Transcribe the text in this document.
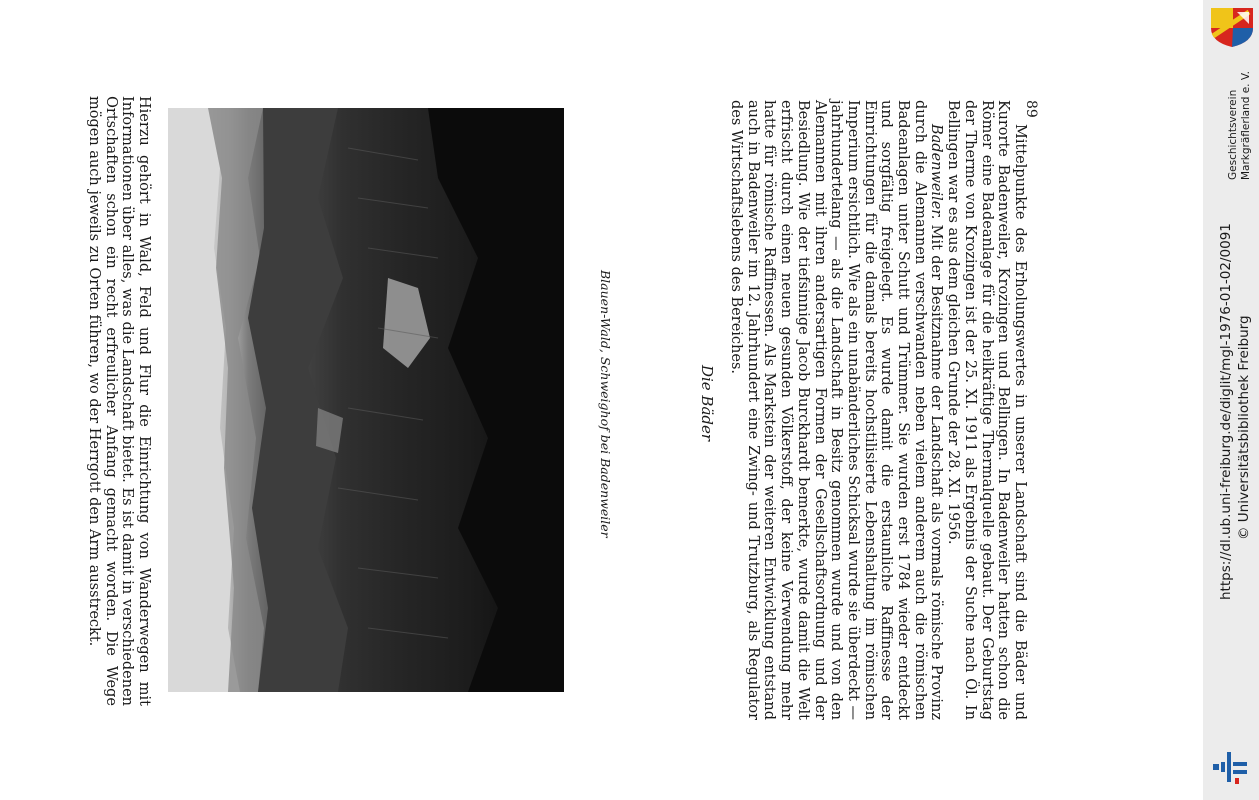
Hierzu gehört in Wald, Feld und Flur die Einrichtung von Wanderwegen mit Informationen über alles, was die Landschaft bietet. Es ist damit in verschiedenen Ortschaften schon ein recht erfreulicher Anfang gemacht worden. Die Wege mögen auch jeweils zu Orten führen, wo der Herrgott den Arm ausstreckt.	Blauen-Wald, Schweighof bei Badenweiler	Die Bäder	Mittelpunkte des Erholungswertes in unserer Landschaft sind die Bäder und Kurorte Badenweiler, Krozingen und Bellingen. In Badenweiler hatten schon die Römer eine Badeanlage für die heilkräftige Thermalquelle gebaut. Der Geburtstag der Therme von Krozingen ist der 25. XI. 1911 als Ergebnis der Suche nach Öl. In Bellingen war es aus dem gleichen Grunde der 28. XI. 1956.

Badenweiler. Mit der Besitznahme der Landschaft als vormals römische Provinz durch die Alemannen verschwanden neben vielem anderem auch die römischen Badeanlagen unter Schutt und Trümmer. Sie wurden erst 1784 wieder entdeckt und sorgfältig freigelegt. Es wurde damit die erstaunliche Raffinesse der Einrichtungen für die damals bereits hochstilisierte Lebenshaltung im römischen Imperium ersichtlich. Wie als ein unabänderliches Schicksal wurde sie überdeckt — jahrhundertelang — als die Landschaft in Besitz genommen wurde und von den Alemannen mit ihren andersartigen Formen der Gesellschaftsordnung und der Besiedlung. Wie der tiefsinnige Jacob Burckhardt bemerkte, wurde damit die Welt erfrischt durch einen neuen gesunden Völkerstoff, der keine Verwendung mehr hatte für römische Raffinessen. Als Markstein der weiteren Entwicklung entstand auch in Badenweiler im 12. Jahrhundert eine Zwing- und Trutzburg, als Regulator des Wirtschaftslebens des Bereiches.	89	Geschichtsverein Markgräflerland e. V.
https://dl.ub.uni-freiburg.de/diglit/mgl-1976-01-02/0091 © Universitätsbibliothek Freiburg
